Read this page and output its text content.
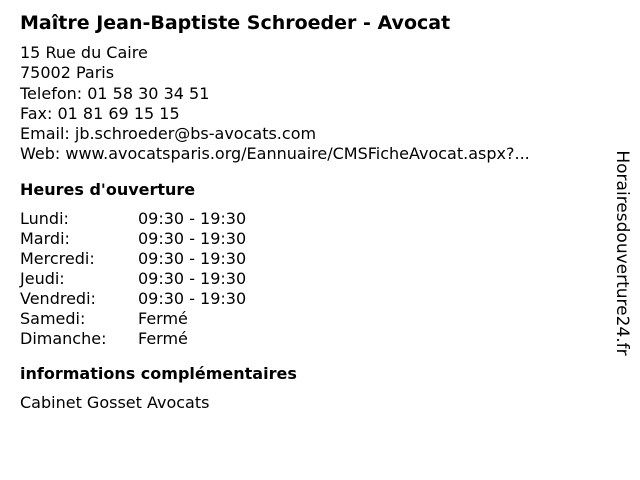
Maître Jean-Baptiste Schroeder - Avocat
15 Rue du Caire
75002 Paris
Telefon: 01 58 30 34 51
Fax: 01 81 69 15 15
Email: jb.schroeder@bs-avocats.com
Web: www.avocatsparis.org/Eannuaire/CMSFicheAvocat.aspx?...
Heures d'ouverture
Lundi:	09:30 - 19:30
Mardi:	09:30 - 19:30
Mercredi:	09:30 - 19:30
Jeudi:	09:30 - 19:30
Vendredi:	09:30 - 19:30
Samedi:	Fermé
Dimanche:	Fermé
informations complémentaires
Cabinet Gosset Avocats
Horairesdouverture24.fr
